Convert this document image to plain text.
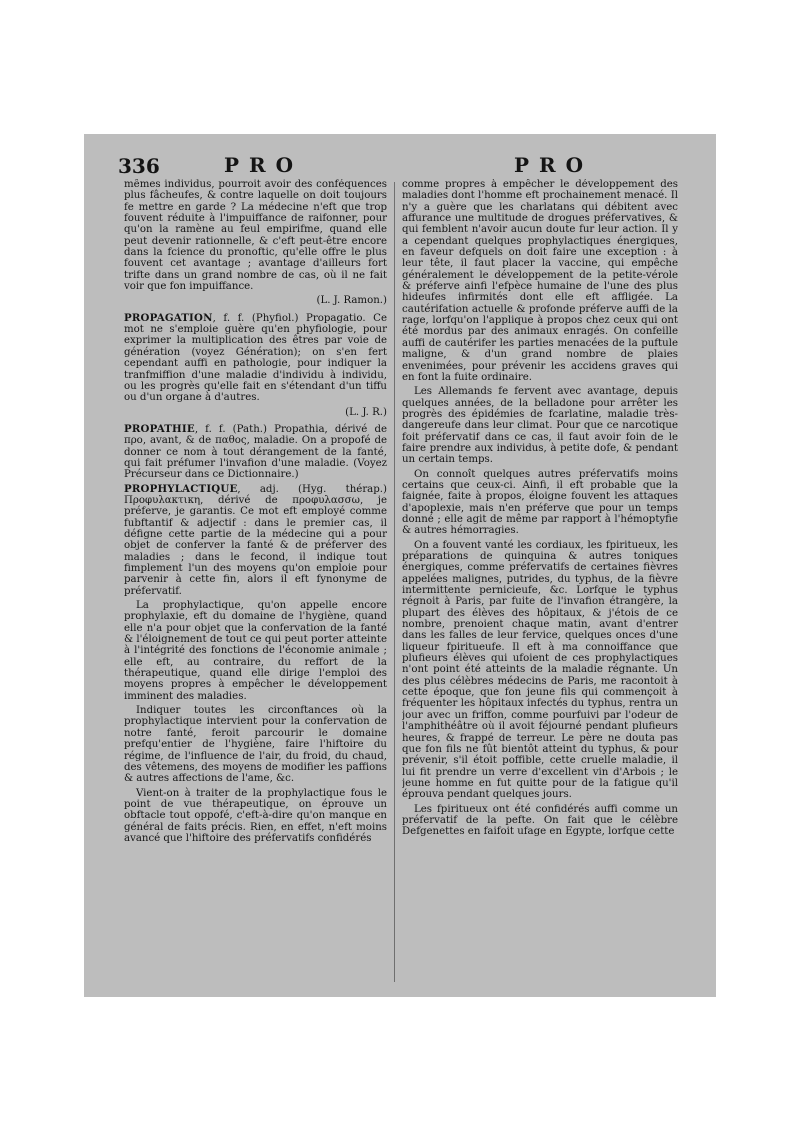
336	PRO	PRO

mêmes individus, pourroit avoir des conféquences plus fâcheufes, & contre laquelle on doit toujours fe mettre en garde ? La médecine n'eft que trop fouvent réduite à l'impuiffance de raifonner, pour qu'on la ramène au feul empirifme, quand elle peut devenir rationnelle, & c'eft peut-être encore dans la fcience du pronoftic, qu'elle offre le plus fouvent cet avantage ; avantage d'ailleurs fort trifte dans un grand nombre de cas, où il ne fait voir que fon impuiffance.

(L. J. Ramon.)

PROPAGATION, f. f. (Phyfiol.) Propagatio. Ce mot ne s'emploie guère qu'en phyfiologie, pour exprimer la multiplication des êtres par voie de génération (voyez Génération); on s'en fert cependant auffi en pathologie, pour indiquer la tranfmiffion d'une maladie d'individu à individu, ou les progrès qu'elle fait en s'étendant d'un tiffu ou d'un organe à d'autres.

(L. J. R.)

PROPATHIE, f. f. (Path.) Propathia, dérivé de προ, avant, & de παθος, maladie. On a propofé de donner ce nom à tout dérangement de la fanté, qui fait préfumer l'invafion d'une maladie. (Voyez Précurseur dans ce Dictionnaire.)

PROPHYLACTIQUE, adj. (Hyg. thérap.) Προφυλακτικη, dérivé de προφυλασσω, je préferve, je garantis. Ce mot eft employé comme fubftantif & adjectif : dans le premier cas, il défigne cette partie de la médecine qui a pour objet de conferver la fanté & de préferver des maladies ; dans le fecond, il indique tout fimplement l'un des moyens qu'on emploie pour parvenir à cette fin, alors il eft fynonyme de préfervatif.

La prophylactique, qu'on appelle encore prophylaxie, eft du domaine de l'hygiène, quand elle n'a pour objet que la confervation de la fanté & l'éloignement de tout ce qui peut porter atteinte à l'intégrité des fonctions de l'économie animale ; elle eft, au contraire, du reffort de la thérapeutique, quand elle dirige l'emploi des moyens propres à empêcher le développement imminent des maladies.

Indiquer toutes les circonftances où la prophylactique intervient pour la confervation de notre fanté, feroit parcourir le domaine prefqu'entier de l'hygiène, faire l'hiftoire du régime, de l'influence de l'air, du froid, du chaud, des vêtemens, des moyens de modifier les paffions & autres affections de l'ame, &c.

Vient-on à traiter de la prophylactique fous le point de vue thérapeutique, on éprouve un obftacle tout oppofé, c'eft-à-dire qu'on manque en général de faits précis. Rien, en effet, n'eft moins avancé que l'hiftoire des préfervatifs confidérés

comme propres à empêcher le développement des maladies dont l'homme eft prochainement menacé. Il n'y a guère que les charlatans qui débitent avec affurance une multitude de drogues préfervatives, & qui femblent n'avoir aucun doute fur leur action. Il y a cependant quelques prophylactiques énergiques, en faveur defquels on doit faire une exception : à leur tête, il faut placer la vaccine, qui empêche généralement le développement de la petite-vérole & préferve ainfi l'efpèce humaine de l'une des plus hideufes infirmités dont elle eft affligée. La cautérifation actuelle & profonde préferve auffi de la rage, lorfqu'on l'applique à propos chez ceux qui ont été mordus par des animaux enragés. On confeille auffi de cautérifer les parties menacées de la puftule maligne, & d'un grand nombre de plaies envenimées, pour prévenir les accidens graves qui en font la fuite ordinaire.

Les Allemands fe fervent avec avantage, depuis quelques années, de la belladone pour arrêter les progrès des épidémies de fcarlatine, maladie très-dangereufe dans leur climat. Pour que ce narcotique foit préfervatif dans ce cas, il faut avoir foin de le faire prendre aux individus, à petite dofe, & pendant un certain temps.

On connoît quelques autres préfervatifs moins certains que ceux-ci. Ainfi, il eft probable que la faignée, faite à propos, éloigne fouvent les attaques d'apoplexie, mais n'en préferve que pour un temps donné ; elle agit de même par rapport à l'hémoptyfie & autres hémorragies.

On a fouvent vanté les cordiaux, les fpiritueux, les préparations de quinquina & autres toniques énergiques, comme préfervatifs de certaines fièvres appelées malignes, putrides, du typhus, de la fièvre intermittente pernicieufe, &c. Lorfque le typhus régnoit à Paris, par fuite de l'invafion étrangère, la plupart des élèves des hôpitaux, & j'étois de ce nombre, prenoient chaque matin, avant d'entrer dans les falles de leur fervice, quelques onces d'une liqueur fpiritueufe. Il eft à ma connoiffance que plufieurs élèves qui ufoient de ces prophylactiques n'ont point été atteints de la maladie régnante. Un des plus célèbres médecins de Paris, me racontoit à cette époque, que fon jeune fils qui commençoit à fréquenter les hôpitaux infectés du typhus, rentra un jour avec un friffon, comme pourfuivi par l'odeur de l'amphithéâtre où il avoit féjourné pendant plufieurs heures, & frappé de terreur. Le père ne douta pas que fon fils ne fût bientôt atteint du typhus, & pour prévenir, s'il étoit poffible, cette cruelle maladie, il lui fit prendre un verre d'excellent vin d'Arbois ; le jeune homme en fut quitte pour de la fatigue qu'il éprouva pendant quelques jours.

Les fpiritueux ont été confidérés auffi comme un préfervatif de la pefte. On fait que le célèbre Defgenettes en faifoit ufage en Egypte, lorfque cette
